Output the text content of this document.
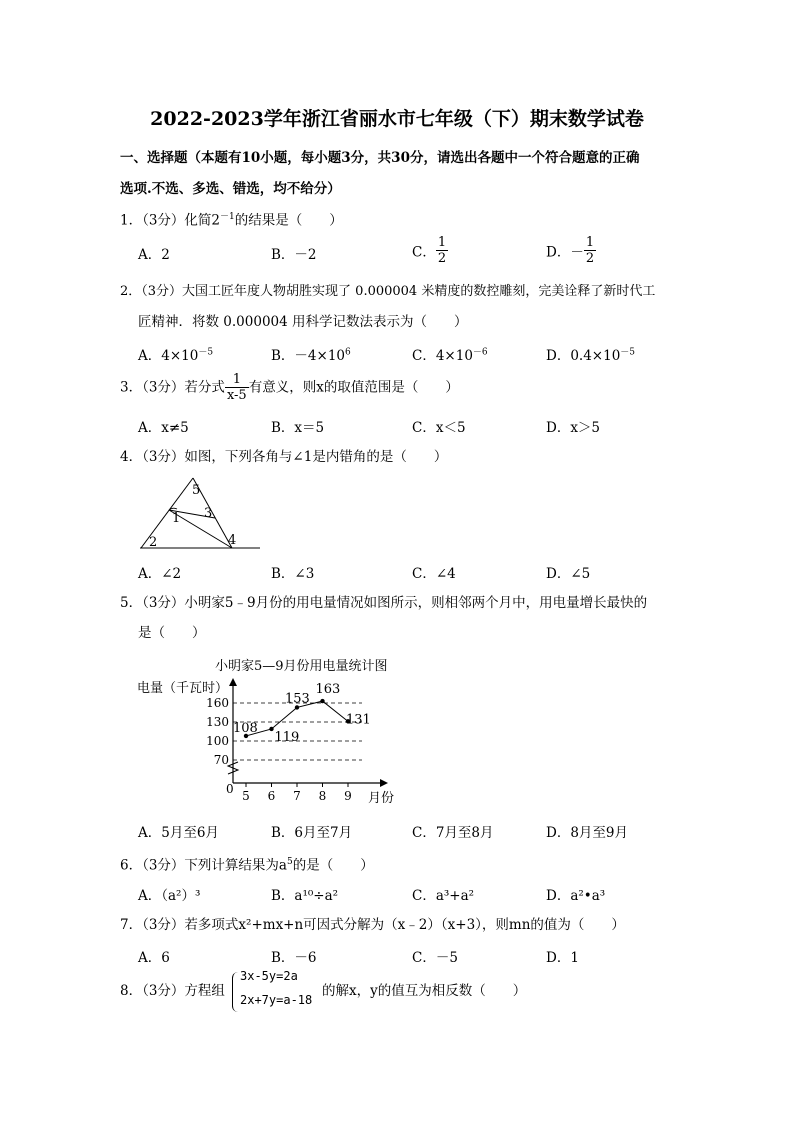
2022-2023学年浙江省丽水市七年级（下）期末数学试卷
一、选择题（本题有10小题，每小题3分，共30分，请选出各题中一个符合题意的正确
选项.不选、多选、错选，均不给分）
1．（3分）化简$2^{-1}$的结果是（　　）
A．2	B．－2	C． $\frac{1}{2}$	D．－ $\frac{1}{2}$
2．（3分）大国工匠年度人物胡胜实现了 0.000004 米精度的数控雕刻，完美诠释了新时代工
匠精神．将数 0.000004 用科学记数法表示为（　　）
A．$4\times 10^{-5}$	B．$-4\times 10^6$	C．$4\times 10^{-6}$	D．$0.4\times 10^{-5}$
3．（3分）若分式 $\frac{1}{x-5}$ 有意义，则x的取值范围是（　　）
A．x≠5	B．x＝5	C．x＜5	D．x＞5
4．（3分）如图，下列各角与∠1是内错角的是（　　）
5
1 3
2	4
A．∠2	B．∠3	C．∠4	D．∠5
5．（3分）小明家5﹣9月份的用电量情况如图所示，则相邻两个月中，用电量增长最快的
是（　　）
小明家5—9月份用电量统计图
电量（千瓦时）
月份
0
70
100
130
160
5 6 7 8 9
108
119
153
163
131
A．5月至6月	B．6月至7月	C．7月至8月	D．8月至9月
6．（3分）下列计算结果为$a^5$的是（　　）
A．（a²）³	B．a¹⁰÷a²	C．a³+a²	D．a²•a³
7．（3分）若多项式x²+mx+n可因式分解为（x﹣2）（x+3），则mn的值为（　　）
A．6	B．－6	C．－5	D．1
8．（3分）方程组
3x-5y=2a
2x+7y=a-18
的解x，y的值互为相反数（　　）
